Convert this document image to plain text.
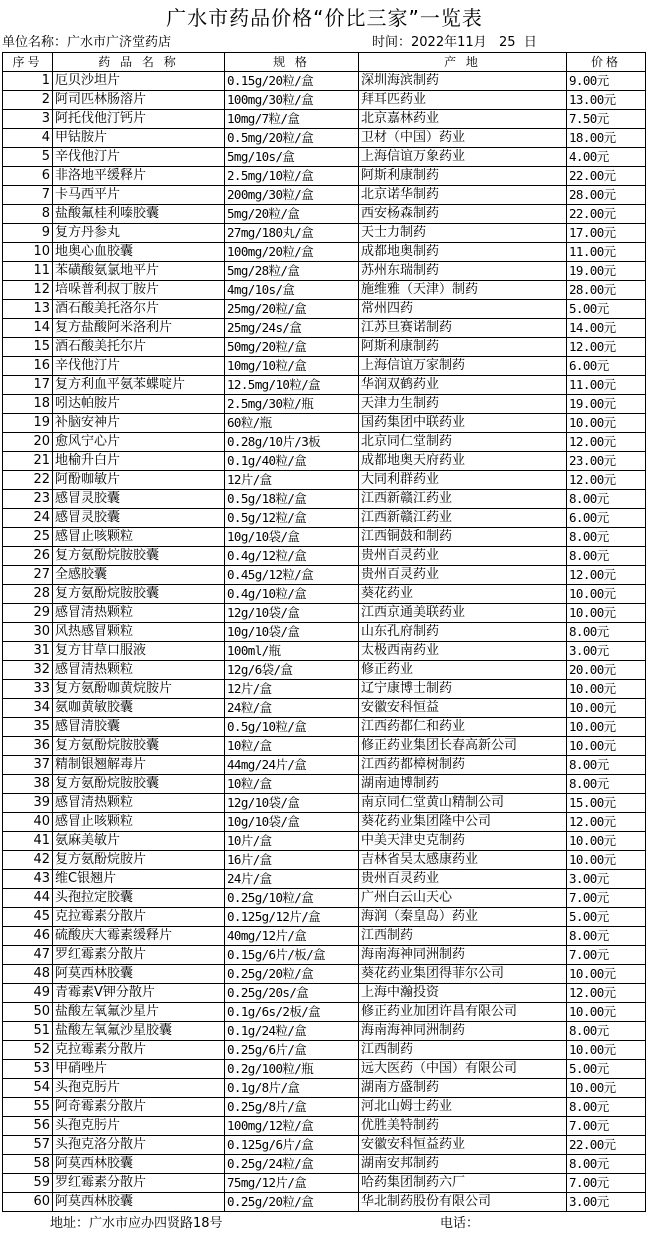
广水市药品价格“价比三家”一览表
单位名称：广水市广济堂药店	时间：2022年11月   25  日
序号	药 品 名 称	规 格	产 地	价格
1	厄贝沙坦片	0.15g/20粒/盒	深圳海滨制药	9.00元
2	阿司匹林肠溶片	100mg/30粒/盒	拜耳匹药业	13.00元
3	阿托伐他汀钙片	10mg/7粒/盒	北京嘉林药业	7.50元
4	甲钴胺片	0.5mg/20粒/盒	卫材（中国）药业	18.00元
5	辛伐他汀片	5mg/10s/盒	上海信谊万象药业	4.00元
6	非洛地平缓释片	2.5mg/10粒/盒	阿斯利康制药	22.00元
7	卡马西平片	200mg/30粒/盒	北京诺华制药	28.00元
8	盐酸氟桂利嗪胶囊	5mg/20粒/盒	西安杨森制药	22.00元
9	复方丹参丸	27mg/180丸/盒	天士力制药	17.00元
10	地奥心血胶囊	100mg/20粒/盒	成都地奥制药	11.00元
11	苯磺酸氨氯地平片	5mg/28粒/盒	苏州东瑞制药	19.00元
12	培哚普利叔丁胺片	4mg/10s/盒	施维雅（天津）制药	28.00元
13	酒石酸美托洛尔片	25mg/20粒/盒	常州四药	5.00元
14	复方盐酸阿米洛利片	25mg/24s/盒	江苏旦赛诺制药	14.00元
15	酒石酸美托尔片	50mg/20粒/盒	阿斯利康制药	12.00元
16	辛伐他汀片	10mg/10粒/盒	上海信谊万家制药	6.00元
17	复方利血平氨苯蝶啶片	12.5mg/10粒/盒	华润双鹤药业	11.00元
18	吲达帕胺片	2.5mg/30粒/瓶	天津力生制药	19.00元
19	补脑安神片	60粒/瓶	国药集团中联药业	10.00元
20	愈风宁心片	0.28g/10片/3板	北京同仁堂制药	12.00元
21	地榆升白片	0.1g/40粒/盒	成都地奥天府药业	23.00元
22	阿酚咖敏片	12片/盒	大同利群药业	12.00元
23	感冒灵胶囊	0.5g/18粒/盒	江西新赣江药业	8.00元
24	感冒灵胶囊	0.5g/12粒/盒	江西新赣江药业	6.00元
25	感冒止咳颗粒	10g/10袋/盒	江西铜鼓和制药	8.00元
26	复方氨酚烷胺胶囊	0.4g/12粒/盒	贵州百灵药业	8.00元
27	全感胶囊	0.45g/12粒/盒	贵州百灵药业	12.00元
28	复方氨酚烷胺胶囊	0.4g/10粒/盒	葵花药业	10.00元
29	感冒清热颗粒	12g/10袋/盒	江西京通美联药业	10.00元
30	风热感冒颗粒	10g/10袋/盒	山东孔府制药	8.00元
31	复方甘草口服液	100ml/瓶	太极西南药业	3.00元
32	感冒清热颗粒	12g/6袋/盒	修正药业	20.00元
33	复方氨酚咖黄烷胺片	12片/盒	辽宁康博士制药	10.00元
34	氨咖黄敏胶囊	24粒/盒	安徽安科恒益	10.00元
35	感冒清胶囊	0.5g/10粒/盒	江西药都仁和药业	10.00元
36	复方氨酚烷胺胶囊	10粒/盒	修正药业集团长春高新公司	10.00元
37	精制银翘解毒片	44mg/24片/盒	江西药都樟树制药	8.00元
38	复方氨酚烷胺胶囊	10粒/盒	湖南迪博制药	8.00元
39	感冒清热颗粒	12g/10袋/盒	南京同仁堂黄山精制公司	15.00元
40	感冒止咳颗粒	10g/10袋/盒	葵花药业集团隆中公司	12.00元
41	氨麻美敏片	10片/盒	中美天津史克制药	10.00元
42	复方氨酚烷胺片	16片/盒	吉林省吴太感康药业	10.00元
43	维C银翘片	24片/盒	贵州百灵药业	3.00元
44	头孢拉定胶囊	0.25g/10粒/盒	广州白云山天心	7.00元
45	克拉霉素分散片	0.125g/12片/盒	海润（秦皇岛）药业	5.00元
46	硫酸庆大霉素缓释片	40mg/12片/盒	江西制药	8.00元
47	罗红霉素分散片	0.15g/6片/板/盒	海南海神同洲制药	7.00元
48	阿莫西林胶囊	0.25g/20粒/盒	葵花药业集团得菲尔公司	10.00元
49	青霉素V钾分散片	0.25g/20s/盒	上海中瀚投资	12.00元
50	盐酸左氧氟沙星片	0.1g/6s/2板/盒	修正药业加团许昌有限公司	10.00元
51	盐酸左氧氟沙星胶囊	0.1g/24粒/盒	海南海神同洲制药	8.00元
52	克拉霉素分散片	0.25g/6片/盒	江西制药	10.00元
53	甲硝唑片	0.2g/100粒/瓶	远大医药（中国）有限公司	5.00元
54	头孢克肟片	0.1g/8片/盒	湖南方盛制药	10.00元
55	阿奇霉素分散片	0.25g/8片/盒	河北山姆士药业	8.00元
56	头孢克肟片	100mg/12粒/盒	优胜美特制药	7.00元
57	头孢克洛分散片	0.125g/6片/盒	安徽安科恒益药业	22.00元
58	阿莫西林胶囊	0.25g/24粒/盒	湖南安邦制药	8.00元
59	罗红霉素分散片	75mg/12片/盒	哈药集团制药六厂	7.00元
60	阿莫西林胶囊	0.25g/20粒/盒	华北制药股份有限公司	3.00元
地址：广水市应办四贤路18号	电话：
